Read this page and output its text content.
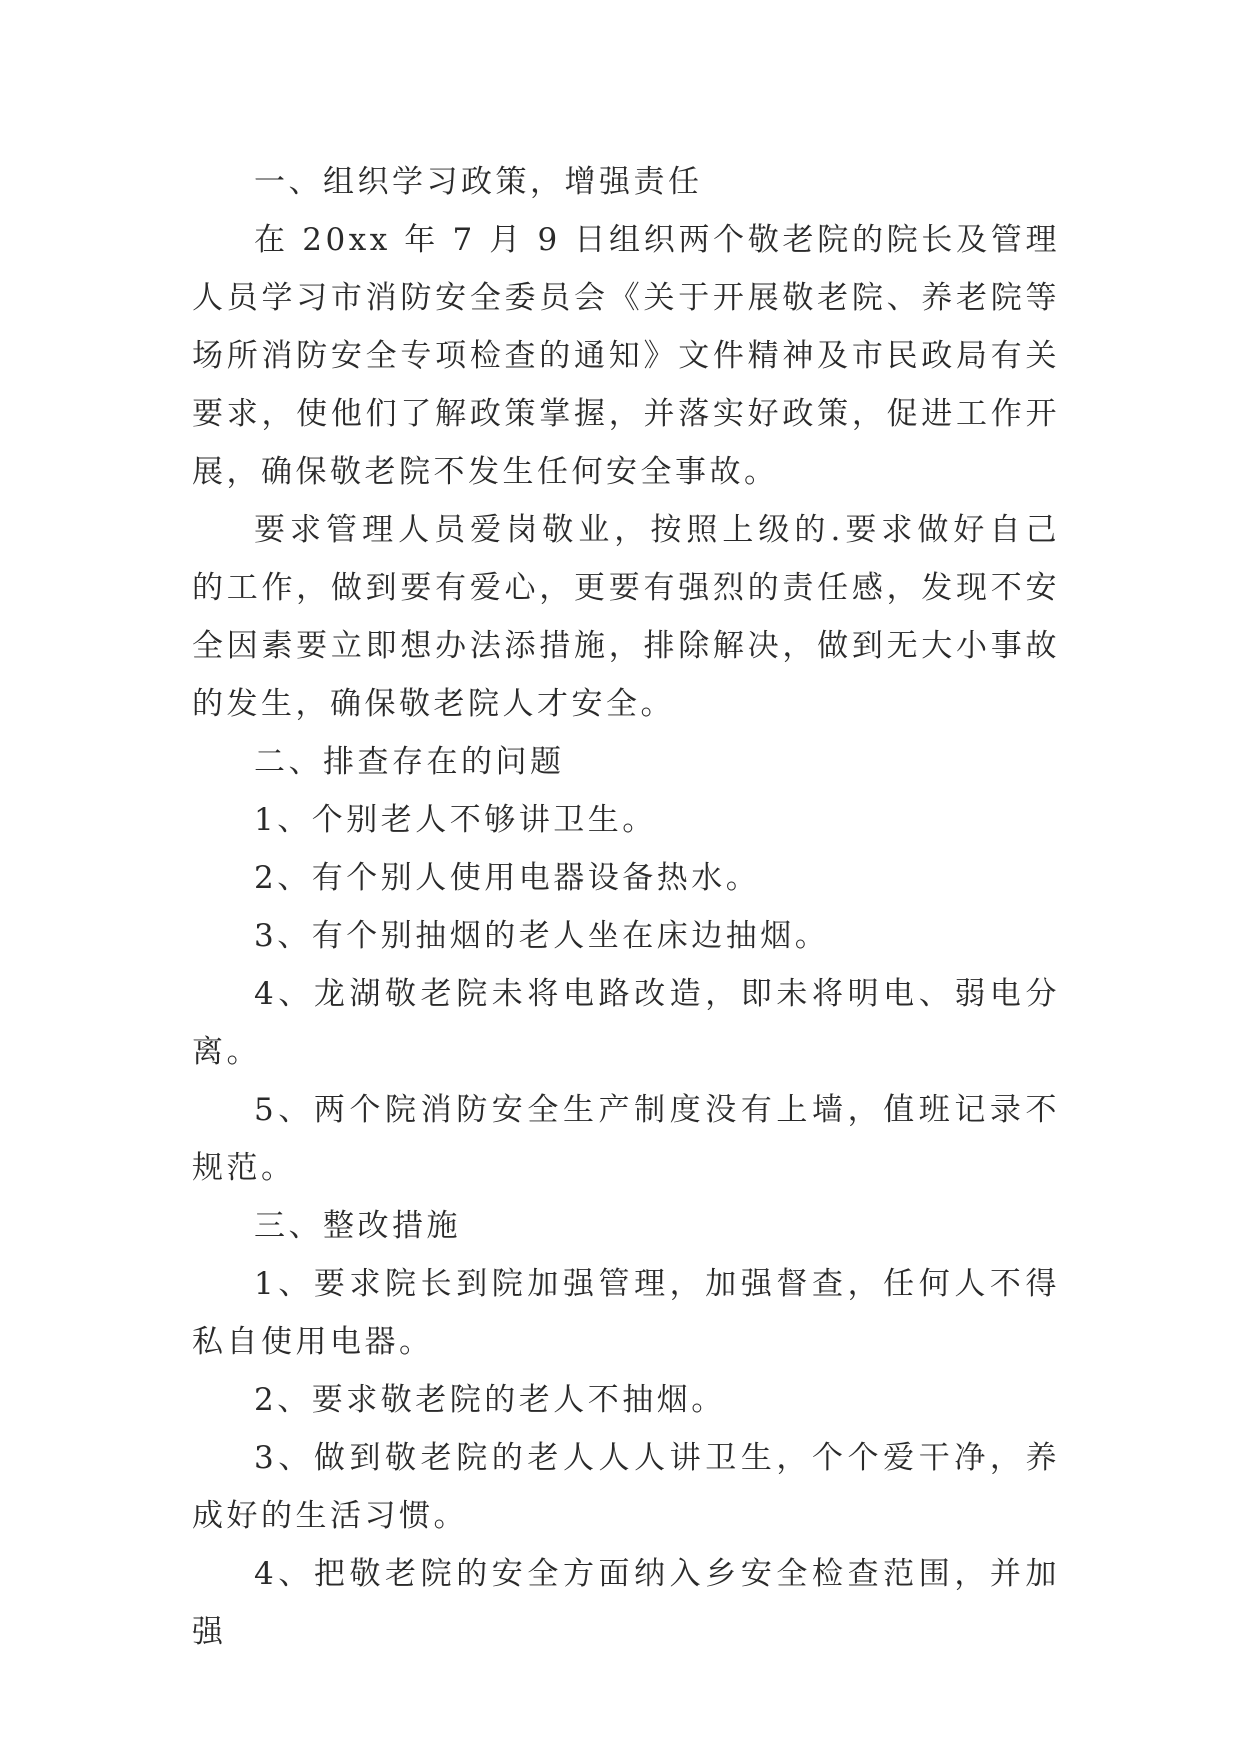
一、组织学习政策，增强责任

在 20xx 年 7 月 9 日组织两个敬老院的院长及管理人员学习市消防安全委员会《关于开展敬老院、养老院等场所消防安全专项检查的通知》文件精神及市民政局有关要求，使他们了解政策掌握，并落实好政策，促进工作开展，确保敬老院不发生任何安全事故。

要求管理人员爱岗敬业，按照上级的.要求做好自己的工作，做到要有爱心，更要有强烈的责任感，发现不安全因素要立即想办法添措施，排除解决，做到无大小事故的发生，确保敬老院人才安全。

二、排查存在的问题

1、个别老人不够讲卫生。

2、有个别人使用电器设备热水。

3、有个别抽烟的老人坐在床边抽烟。

4、龙湖敬老院未将电路改造，即未将明电、弱电分离。

5、两个院消防安全生产制度没有上墙，值班记录不规范。

三、整改措施

1、要求院长到院加强管理，加强督查，任何人不得私自使用电器。

2、要求敬老院的老人不抽烟。

3、做到敬老院的老人人人讲卫生，个个爱干净，养成好的生活习惯。

4、把敬老院的安全方面纳入乡安全检查范围，并加强
